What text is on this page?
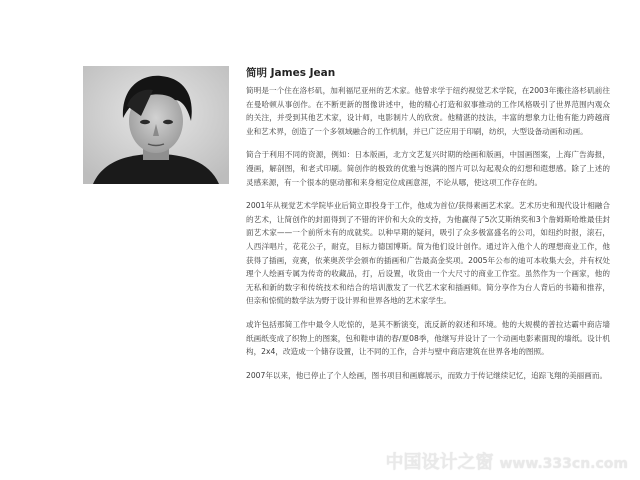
简明 James Jean

简明是一个住在洛杉矶，加利福尼亚州的艺术家。他曾求学于纽约视觉艺术学院，在2003年搬往洛杉矶前往在曼哈顿从事创作。在不断更新的图像讲述中，他的精心打造和叙事推动的工作风格吸引了世界范围内观众的关注，并受到其他艺术家，设计师，电影制片人的欣赏。他精湛的技法，丰富的想象力让他有能力跨越商业和艺术界，创造了一个多领域融合的工作机制，并已广泛应用于印刷，纺织，大型设备动画和动画。

简合于利用不同的资源，例如：日本版画，北方文艺复兴时期的绘画和版画，中国画图案，上海广告海报，漫画，解剖图，和老式印刷。简创作的极致的优雅与饱满的图片可以勾起观众的幻想和遐想感。除了上述的灵感来源，有一个很本的驱动都和来身相定位成画意涯，不论从哪，使这项工作存在的。

2001年从视觉艺术学院毕业后简立即投身于工作，他成为首位/获得素画艺术家。艺术历史和现代设计相融合的艺术，让简创作的封面得到了不错的评价和大众的支持，为他赢得了5次艾斯纳奖和3个詹姆斯哈维最佳封面艺术家——一个前所未有的成就奖。以种早期的疑问，吸引了众多极富盛名的公司，如纽约时报，滚石，人西洋唱片，花花公子，耐克，目标力德国博斯。简为他们设计创作。通过许入他个人的理想商业工作，他获得了插画，竞赛，依莱奥茨学会颁布的插画和广告最高金奖项。2005年公布的迪可本收集大会，并有权处理个人绘画专属为传奇的收藏品，打，后设置，收货由一个大尺寸的商业工作室。虽然作为一个画家，他的无私和新的数字和传统技术和结合的培训激发了一代艺术家和插画师。简分享作为台人背后的书籍和推荐，但亲和惊慌的数学法为野于设计界和世界各地的艺术家学生。

或许包括那简工作中最令人吃惊的，是其不断演变，流反新的叙述和环境。他的大规模的普拉达霸中商店墙纸画纸变成了织物上的图案，包和鞋申请的春/夏08季，他继写并设计了一个动画电影素面现的墙纸。设计机构，2x4，改造成一个储存设置，让不同的工作，合并与壁中商店建筑在世界各地的图照。

2007年以来，他已停止了个人绘画，图书项目和画廊展示，而致力于传记继续记忆，追踪飞翔的美丽画而。

中国设计之窗 www.333cn.com
